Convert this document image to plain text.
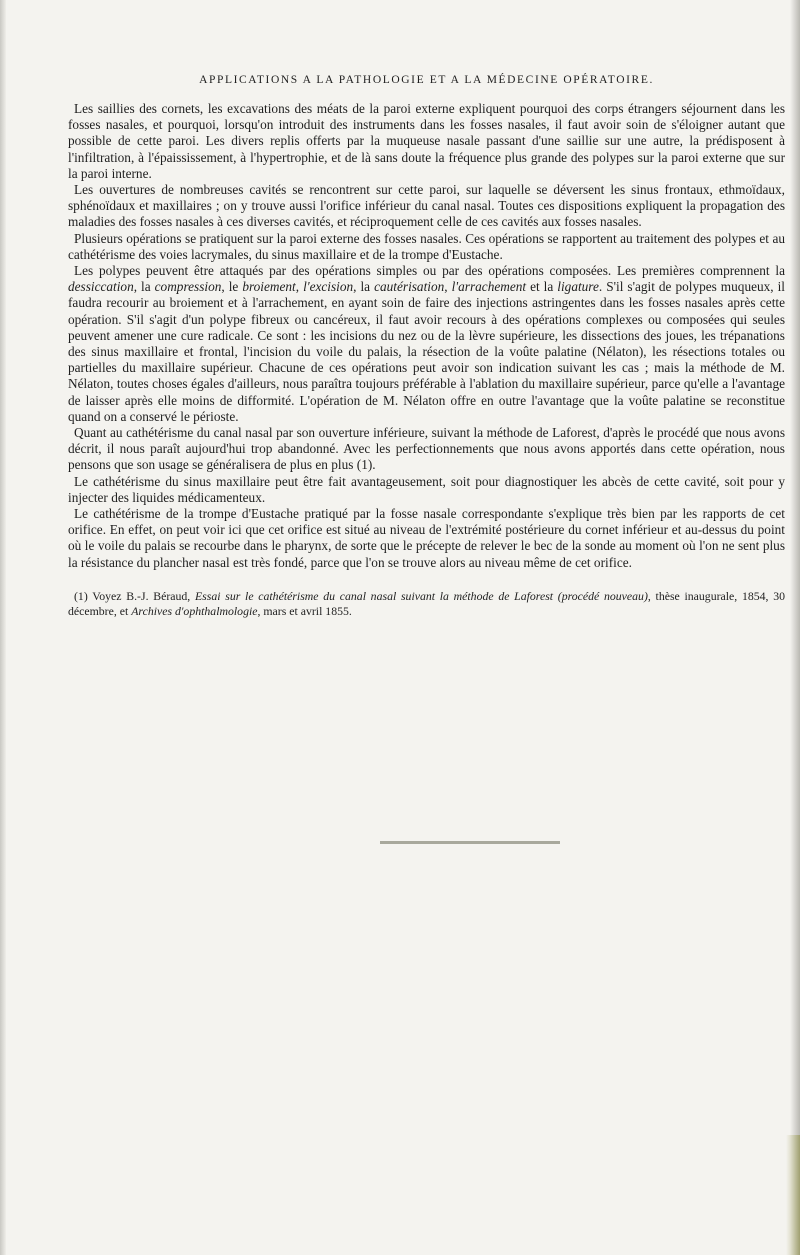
APPLICATIONS A LA PATHOLOGIE ET A LA MÉDECINE OPÉRATOIRE.

Les saillies des cornets, les excavations des méats de la paroi externe expliquent pourquoi des corps étrangers séjournent dans les fosses nasales, et pourquoi, lorsqu'on introduit des instruments dans les fosses nasales, il faut avoir soin de s'éloigner autant que possible de cette paroi. Les divers replis offerts par la muqueuse nasale passant d'une saillie sur une autre, la prédisposent à l'infiltration, à l'épaississement, à l'hypertrophie, et de là sans doute la fréquence plus grande des polypes sur la paroi externe que sur la paroi interne.

Les ouvertures de nombreuses cavités se rencontrent sur cette paroi, sur laquelle se déversent les sinus frontaux, ethmoïdaux, sphénoïdaux et maxillaires ; on y trouve aussi l'orifice inférieur du canal nasal. Toutes ces dispositions expliquent la propagation des maladies des fosses nasales à ces diverses cavités, et réciproquement celle de ces cavités aux fosses nasales.

Plusieurs opérations se pratiquent sur la paroi externe des fosses nasales. Ces opérations se rapportent au traitement des polypes et au cathétérisme des voies lacrymales, du sinus maxillaire et de la trompe d'Eustache.

Les polypes peuvent être attaqués par des opérations simples ou par des opérations composées. Les premières comprennent la dessiccation, la compression, le broiement, l'excision, la cautérisation, l'arrachement et la ligature. S'il s'agit de polypes muqueux, il faudra recourir au broiement et à l'arrachement, en ayant soin de faire des injections astringentes dans les fosses nasales après cette opération. S'il s'agit d'un polype fibreux ou cancéreux, il faut avoir recours à des opérations complexes ou composées qui seules peuvent amener une cure radicale. Ce sont : les incisions du nez ou de la lèvre supérieure, les dissections des joues, les trépanations des sinus maxillaire et frontal, l'incision du voile du palais, la résection de la voûte palatine (Nélaton), les résections totales ou partielles du maxillaire supérieur. Chacune de ces opérations peut avoir son indication suivant les cas ; mais la méthode de M. Nélaton, toutes choses égales d'ailleurs, nous paraîtra toujours préférable à l'ablation du maxillaire supérieur, parce qu'elle a l'avantage de laisser après elle moins de difformité. L'opération de M. Nélaton offre en outre l'avantage que la voûte palatine se reconstitue quand on a conservé le périoste.

Quant au cathétérisme du canal nasal par son ouverture inférieure, suivant la méthode de Laforest, d'après le procédé que nous avons décrit, il nous paraît aujourd'hui trop abandonné. Avec les perfectionnements que nous avons apportés dans cette opération, nous pensons que son usage se généralisera de plus en plus (1).

Le cathétérisme du sinus maxillaire peut être fait avantageusement, soit pour diagnostiquer les abcès de cette cavité, soit pour y injecter des liquides médicamenteux.

Le cathétérisme de la trompe d'Eustache pratiqué par la fosse nasale correspondante s'explique très bien par les rapports de cet orifice. En effet, on peut voir ici que cet orifice est situé au niveau de l'extrémité postérieure du cornet inférieur et au-dessus du point où le voile du palais se recourbe dans le pharynx, de sorte que le précepte de relever le bec de la sonde au moment où l'on ne sent plus la résistance du plancher nasal est très fondé, parce que l'on se trouve alors au niveau même de cet orifice.

(1) Voyez B.-J. Béraud, Essai sur le cathétérisme du canal nasal suivant la méthode de Laforest (procédé nouveau), thèse inaugurale, 1854, 30 décembre, et Archives d'ophthalmologie, mars et avril 1855.
